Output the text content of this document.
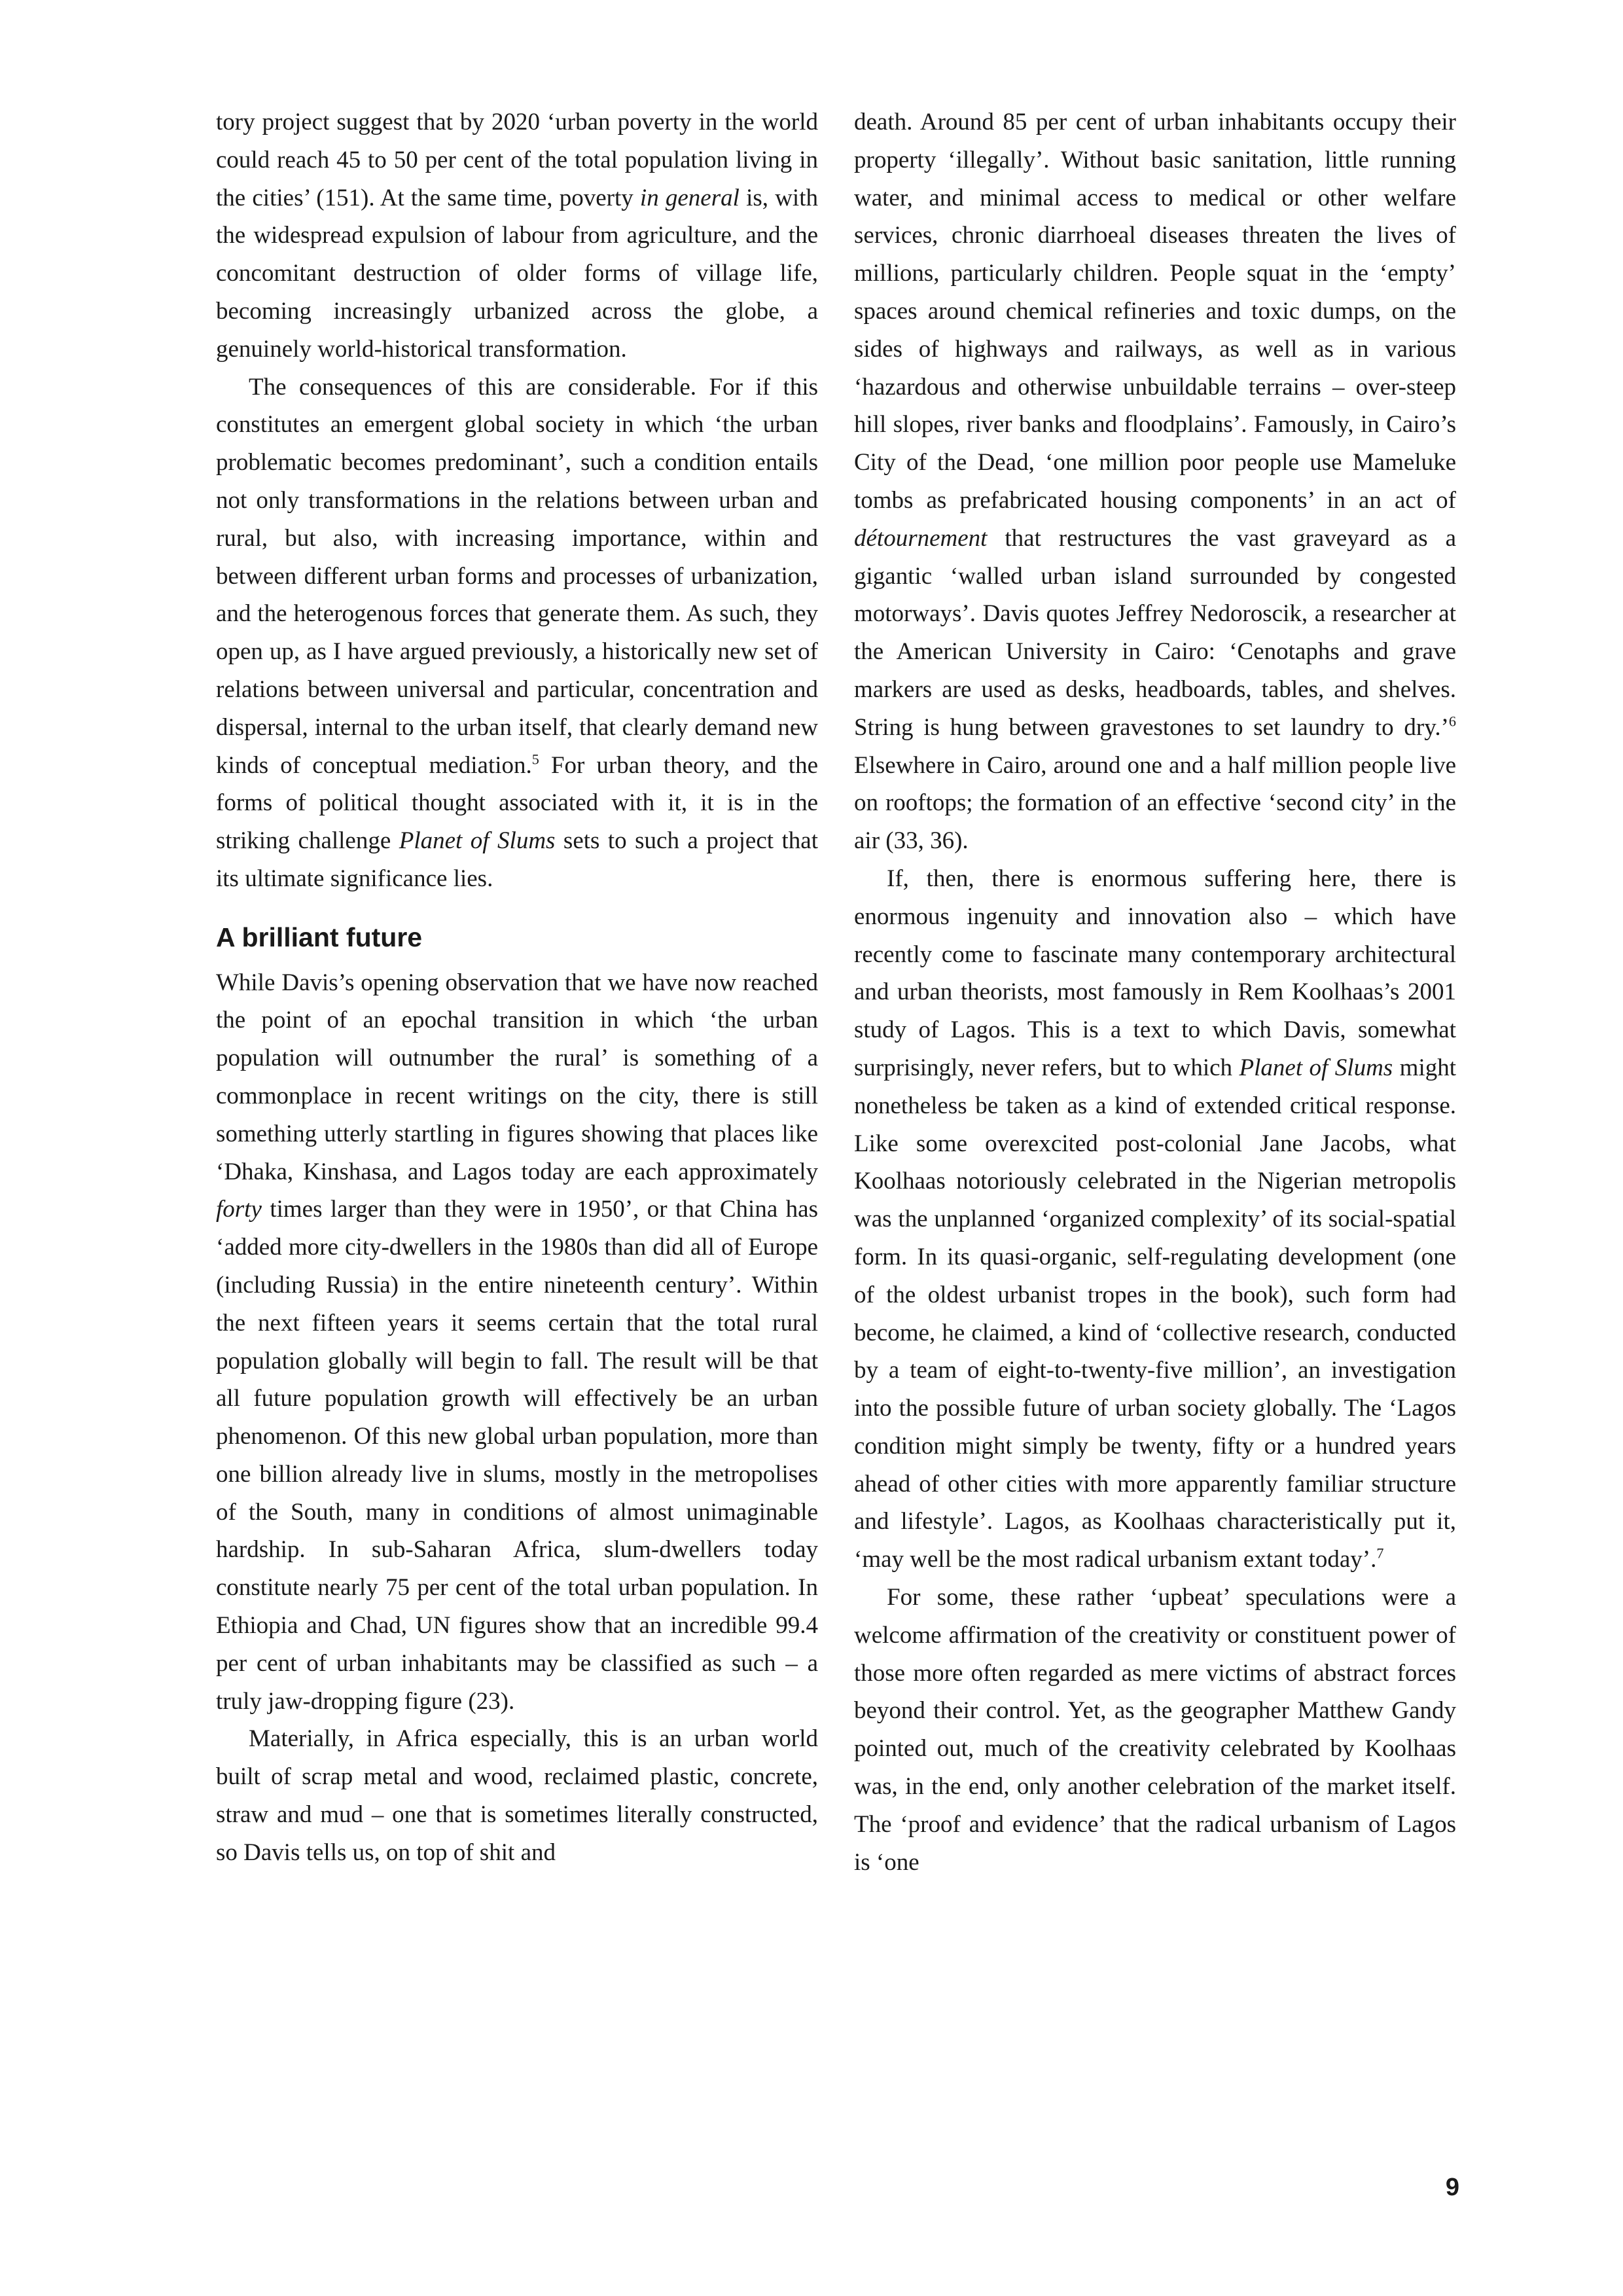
tory project suggest that by 2020 ‘urban poverty in the world could reach 45 to 50 per cent of the total population living in the cities’ (151). At the same time, poverty in general is, with the widespread expulsion of labour from agriculture, and the concomitant destruction of older forms of village life, becoming increasingly urbanized across the globe, a genuinely world-historical transformation.

The consequences of this are considerable. For if this constitutes an emergent global society in which ‘the urban problematic becomes predominant’, such a condition entails not only transformations in the relations between urban and rural, but also, with increasing importance, within and between different urban forms and processes of urbanization, and the heterogenous forces that generate them. As such, they open up, as I have argued previously, a historically new set of relations between universal and particular, concentration and dispersal, internal to the urban itself, that clearly demand new kinds of conceptual mediation.$^5$ For urban theory, and the forms of political thought associated with it, it is in the striking challenge Planet of Slums sets to such a project that its ultimate significance lies.

A brilliant future

While Davis’s opening observation that we have now reached the point of an epochal transition in which ‘the urban population will outnumber the rural’ is something of a commonplace in recent writings on the city, there is still something utterly startling in figures showing that places like ‘Dhaka, Kinshasa, and Lagos today are each approximately forty times larger than they were in 1950’, or that China has ‘added more city-dwellers in the 1980s than did all of Europe (including Russia) in the entire nineteenth century’. Within the next fifteen years it seems certain that the total rural population globally will begin to fall. The result will be that all future population growth will effectively be an urban phenomenon. Of this new global urban population, more than one billion already live in slums, mostly in the metropolises of the South, many in conditions of almost unimaginable hardship. In sub-Saharan Africa, slum-dwellers today constitute nearly 75 per cent of the total urban population. In Ethiopia and Chad, UN figures show that an incredible 99.4 per cent of urban inhabitants may be classified as such – a truly jaw-dropping figure (23).

Materially, in Africa especially, this is an urban world built of scrap metal and wood, reclaimed plastic, concrete, straw and mud – one that is sometimes literally constructed, so Davis tells us, on top of shit and

death. Around 85 per cent of urban inhabitants occupy their property ‘illegally’. Without basic sanitation, little running water, and minimal access to medical or other welfare services, chronic diarrhoeal diseases threaten the lives of millions, particularly children. People squat in the ‘empty’ spaces around chemical refineries and toxic dumps, on the sides of highways and railways, as well as in various ‘hazardous and otherwise unbuildable terrains – over-steep hill slopes, river banks and floodplains’. Famously, in Cairo’s City of the Dead, ‘one million poor people use Mameluke tombs as prefabricated housing components’ in an act of détournement that restructures the vast graveyard as a gigantic ‘walled urban island surrounded by congested motorways’. Davis quotes Jeffrey Nedoroscik, a researcher at the American University in Cairo: ‘Cenotaphs and grave markers are used as desks, headboards, tables, and shelves. String is hung between gravestones to set laundry to dry.’$^6$ Elsewhere in Cairo, around one and a half million people live on rooftops; the formation of an effective ‘second city’ in the air (33, 36).

If, then, there is enormous suffering here, there is enormous ingenuity and innovation also – which have recently come to fascinate many contemporary architectural and urban theorists, most famously in Rem Koolhaas’s 2001 study of Lagos. This is a text to which Davis, somewhat surprisingly, never refers, but to which Planet of Slums might nonetheless be taken as a kind of extended critical response. Like some overexcited post-colonial Jane Jacobs, what Koolhaas notoriously celebrated in the Nigerian metropolis was the unplanned ‘organized complexity’ of its social-spatial form. In its quasi-organic, self-regulating development (one of the oldest urbanist tropes in the book), such form had become, he claimed, a kind of ‘collective research, conducted by a team of eight-to-twenty-five million’, an investigation into the possible future of urban society globally. The ‘Lagos condition might simply be twenty, fifty or a hundred years ahead of other cities with more apparently familiar structure and lifestyle’. Lagos, as Koolhaas characteristically put it, ‘may well be the most radical urbanism extant today’.$^7$

For some, these rather ‘upbeat’ speculations were a welcome affirmation of the creativity or constituent power of those more often regarded as mere victims of abstract forces beyond their control. Yet, as the geographer Matthew Gandy pointed out, much of the creativity celebrated by Koolhaas was, in the end, only another celebration of the market itself. The ‘proof and evidence’ that the radical urbanism of Lagos is ‘one

9
